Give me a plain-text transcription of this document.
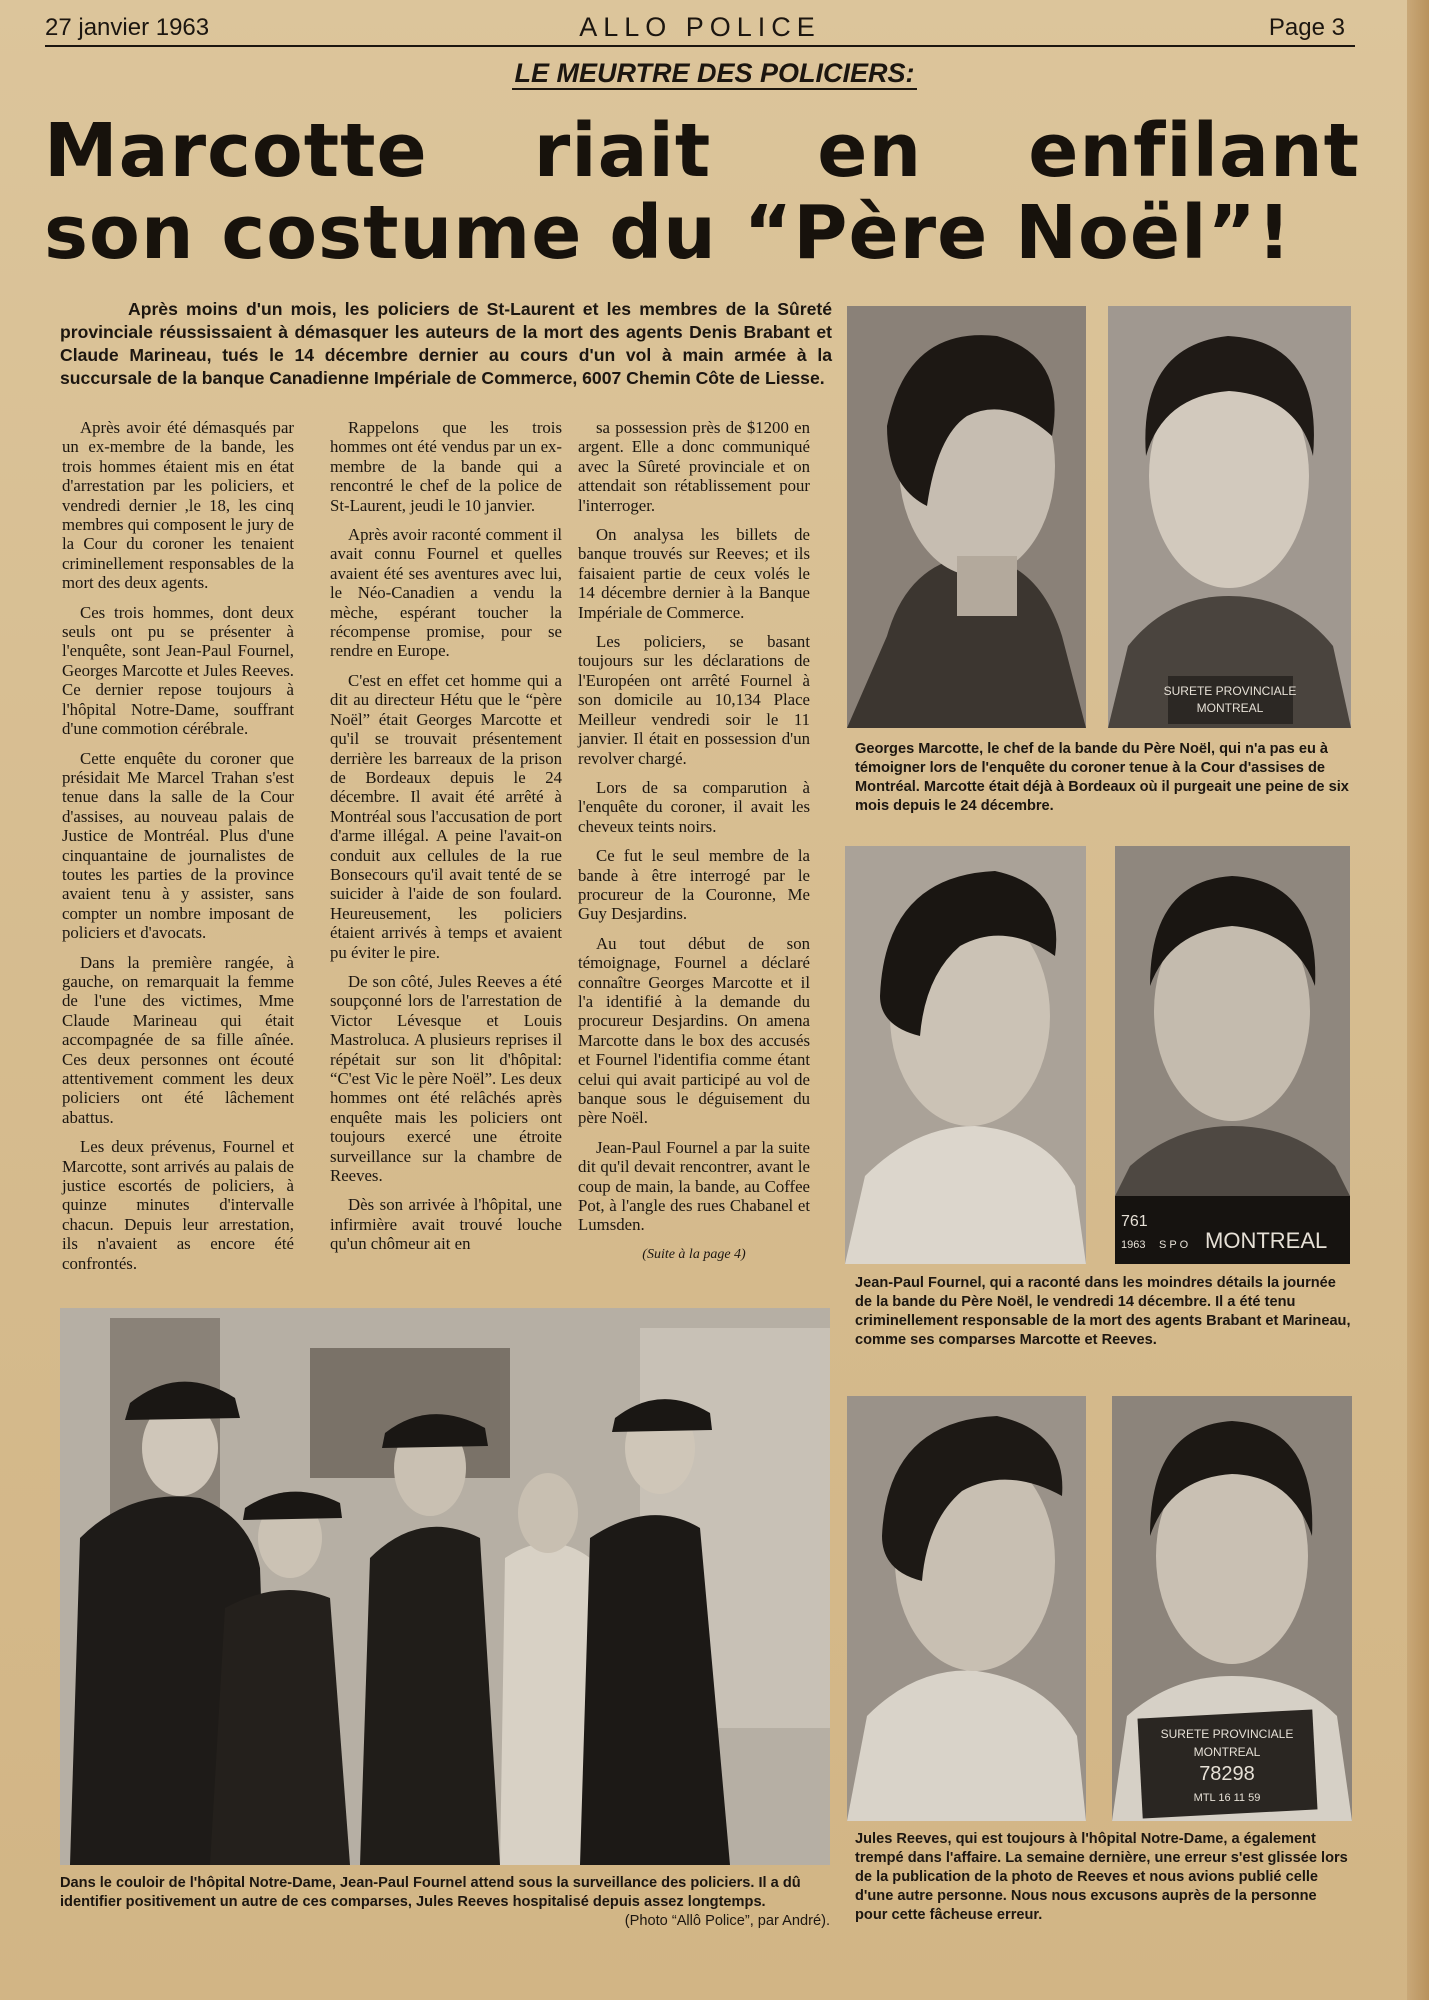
27 janvier 1963	ALLO POLICE	Page 3
LE MEURTRE DES POLICIERS:
Marcotte riait en enfilant
son costume du “Père Noël”!
Après moins d'un mois, les policiers de St-Laurent et les membres de la Sûreté provinciale réussissaient à démasquer les auteurs de la mort des agents Denis Brabant et Claude Marineau, tués le 14 décembre dernier au cours d'un vol à main armée à la succursale de la banque Canadienne Impériale de Commerce, 6007 Chemin Côte de Liesse.

Après avoir été démasqués par un ex-membre de la bande, les trois hommes étaient mis en état d'arrestation par les policiers, et vendredi dernier ,le 18, les cinq membres qui composent le jury de la Cour du coroner les tenaient criminellement responsables de la mort des deux agents.

Ces trois hommes, dont deux seuls ont pu se présenter à l'enquête, sont Jean-Paul Fournel, Georges Marcotte et Jules Reeves. Ce dernier repose toujours à l'hôpital Notre-Dame, souffrant d'une commotion cérébrale.

Cette enquête du coroner que présidait Me Marcel Trahan s'est tenue dans la salle de la Cour d'assises, au nouveau palais de Justice de Montréal. Plus d'une cinquantaine de journalistes de toutes les parties de la province avaient tenu à y assister, sans compter un nombre imposant de policiers et d'avocats.

Dans la première rangée, à gauche, on remarquait la femme de l'une des victimes, Mme Claude Marineau qui était accompagnée de sa fille aînée. Ces deux personnes ont écouté attentivement comment les deux policiers ont été lâchement abattus.

Les deux prévenus, Fournel et Marcotte, sont arrivés au palais de justice escortés de policiers, à quinze minutes d'intervalle chacun. Depuis leur arrestation, ils n'avaient as encore été confrontés.

Rappelons que les trois hommes ont été vendus par un ex-membre de la bande qui a rencontré le chef de la police de St-Laurent, jeudi le 10 janvier.

Après avoir raconté comment il avait connu Fournel et quelles avaient été ses aventures avec lui, le Néo-Canadien a vendu la mèche, espérant toucher la récompense promise, pour se rendre en Europe.

C'est en effet cet homme qui a dit au directeur Hétu que le “père Noël” était Georges Marcotte et qu'il se trouvait présentement derrière les barreaux de la prison de Bordeaux depuis le 24 décembre. Il avait été arrêté à Montréal sous l'accusation de port d'arme illégal. A peine l'avait-on conduit aux cellules de la rue Bonsecours qu'il avait tenté de se suicider à l'aide de son foulard. Heureusement, les policiers étaient arrivés à temps et avaient pu éviter le pire.

De son côté, Jules Reeves a été soupçonné lors de l'arrestation de Victor Lévesque et Louis Mastroluca. A plusieurs reprises il répétait sur son lit d'hôpital: “C'est Vic le père Noël”. Les deux hommes ont été relâchés après enquête mais les policiers ont toujours exercé une étroite surveillance sur la chambre de Reeves.

Dès son arrivée à l'hôpital, une infirmière avait trouvé louche qu'un chômeur ait en

sa possession près de $1200 en argent. Elle a donc communiqué avec la Sûreté provinciale et on attendait son rétablissement pour l'interroger.

On analysa les billets de banque trouvés sur Reeves; et ils faisaient partie de ceux volés le 14 décembre dernier à la Banque Impériale de Commerce.

Les policiers, se basant toujours sur les déclarations de l'Européen ont arrêté Fournel à son domicile au 10,134 Place Meilleur vendredi soir le 11 janvier. Il était en possession d'un revolver chargé.

Lors de sa comparution à l'enquête du coroner, il avait les cheveux teints noirs.

Ce fut le seul membre de la bande à être interrogé par le procureur de la Couronne, Me Guy Desjardins.

Au tout début de son témoignage, Fournel a déclaré connaître Georges Marcotte et il l'a identifié à la demande du procureur Desjardins. On amena Marcotte dans le box des accusés et Fournel l'identifia comme étant celui qui avait participé au vol de banque sous le déguisement du père Noël.

Jean-Paul Fournel a par la suite dit qu'il devait rencontrer, avant le coup de main, la bande, au Coffee Pot, à l'angle des rues Chabanel et Lumsden.

(Suite à la page 4)

SURETE PROVINCIALE
MONTREAL
Georges Marcotte, le chef de la bande du Père Noël, qui n'a pas eu à témoigner lors de l'enquête du coroner tenue à la Cour d'assises de Montréal. Marcotte était déjà à Bordeaux où il purgeait une peine de six mois depuis le 24 décembre.
761
1963 S P O MONTREAL
Jean-Paul Fournel, qui a raconté dans les moindres détails la journée de la bande du Père Noël, le vendredi 14 décembre. Il a été tenu criminellement responsable de la mort des agents Brabant et Marineau, comme ses comparses Marcotte et Reeves.
SURETE PROVINCIALE
MONTREAL
78298
MTL 16 11 59
Jules Reeves, qui est toujours à l'hôpital Notre-Dame, a également trempé dans l'affaire. La semaine dernière, une erreur s'est glissée lors de la publication de la photo de Reeves et nous avions publié celle d'une autre personne. Nous nous excusons auprès de la personne pour cette fâcheuse erreur.
Dans le couloir de l'hôpital Notre-Dame, Jean-Paul Fournel attend sous la surveillance des policiers. Il a dû identifier positivement un autre de ces comparses, Jules Reeves hospitalisé depuis assez longtemps.
(Photo “Allô Police”, par André).
